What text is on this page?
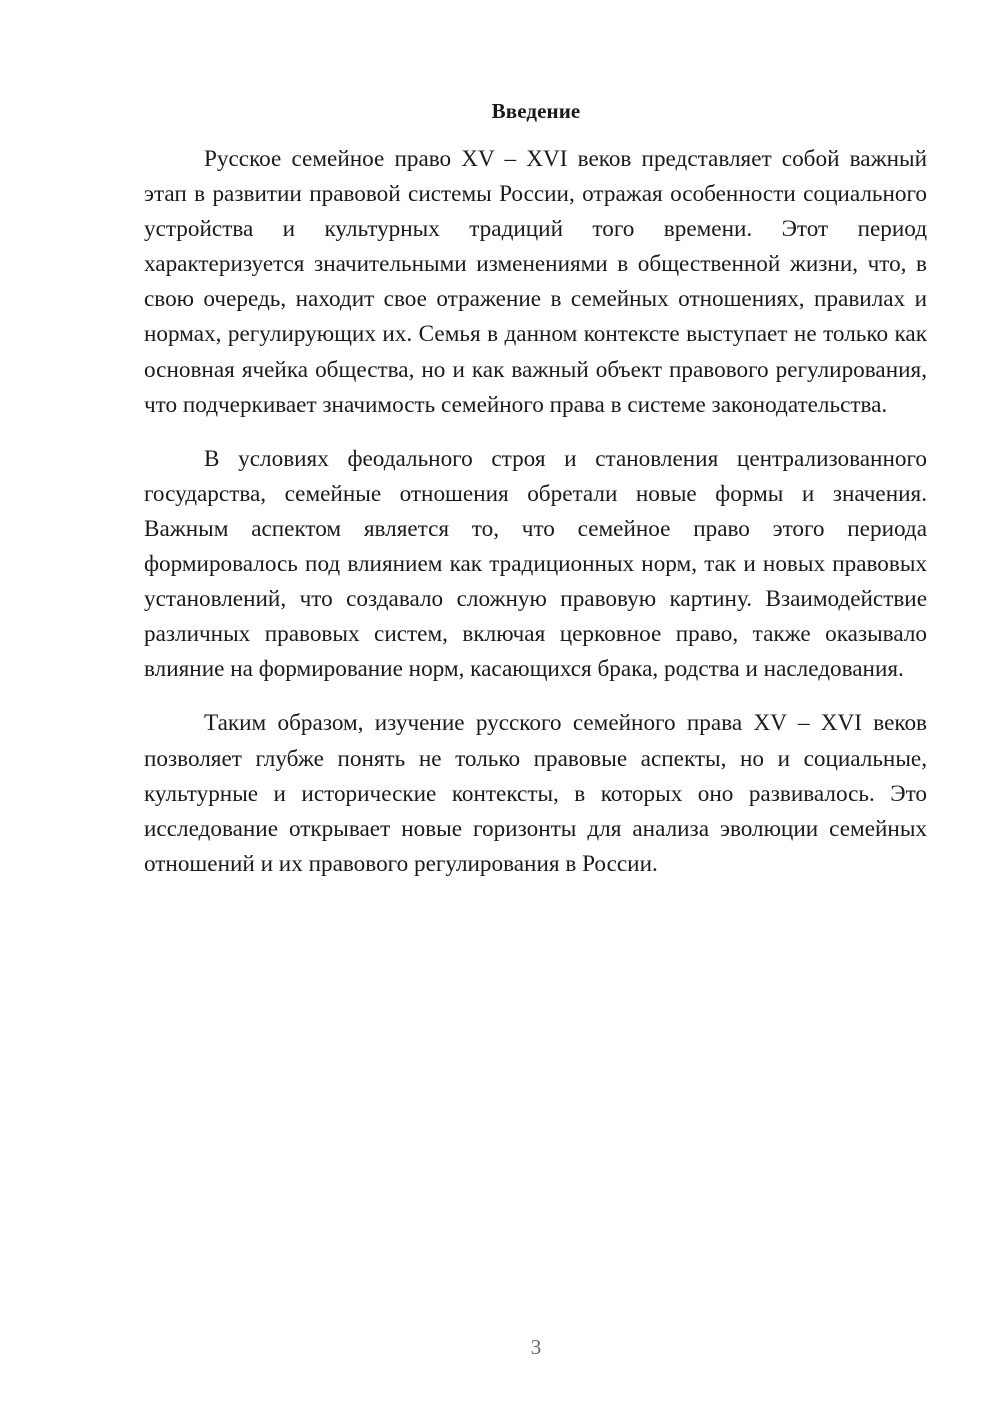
Введение

Русское семейное право XV – XVI веков представляет собой важный этап в развитии правовой системы России, отражая особенности социального устройства и культурных традиций того времени. Этот период характеризуется значительными изменениями в общественной жизни, что, в свою очередь, находит свое отражение в семейных отношениях, правилах и нормах, регулирующих их. Семья в данном контексте выступает не только как основная ячейка общества, но и как важный объект правового регулирования, что подчеркивает значимость семейного права в системе законодательства.

В условиях феодального строя и становления централизованного государства, семейные отношения обретали новые формы и значения. Важным аспектом является то, что семейное право этого периода формировалось под влиянием как традиционных норм, так и новых правовых установлений, что создавало сложную правовую картину. Взаимодействие различных правовых систем, включая церковное право, также оказывало влияние на формирование норм, касающихся брака, родства и наследования.

Таким образом, изучение русского семейного права XV – XVI веков позволяет глубже понять не только правовые аспекты, но и социальные, культурные и исторические контексты, в которых оно развивалось. Это исследование открывает новые горизонты для анализа эволюции семейных отношений и их правового регулирования в России.

3
